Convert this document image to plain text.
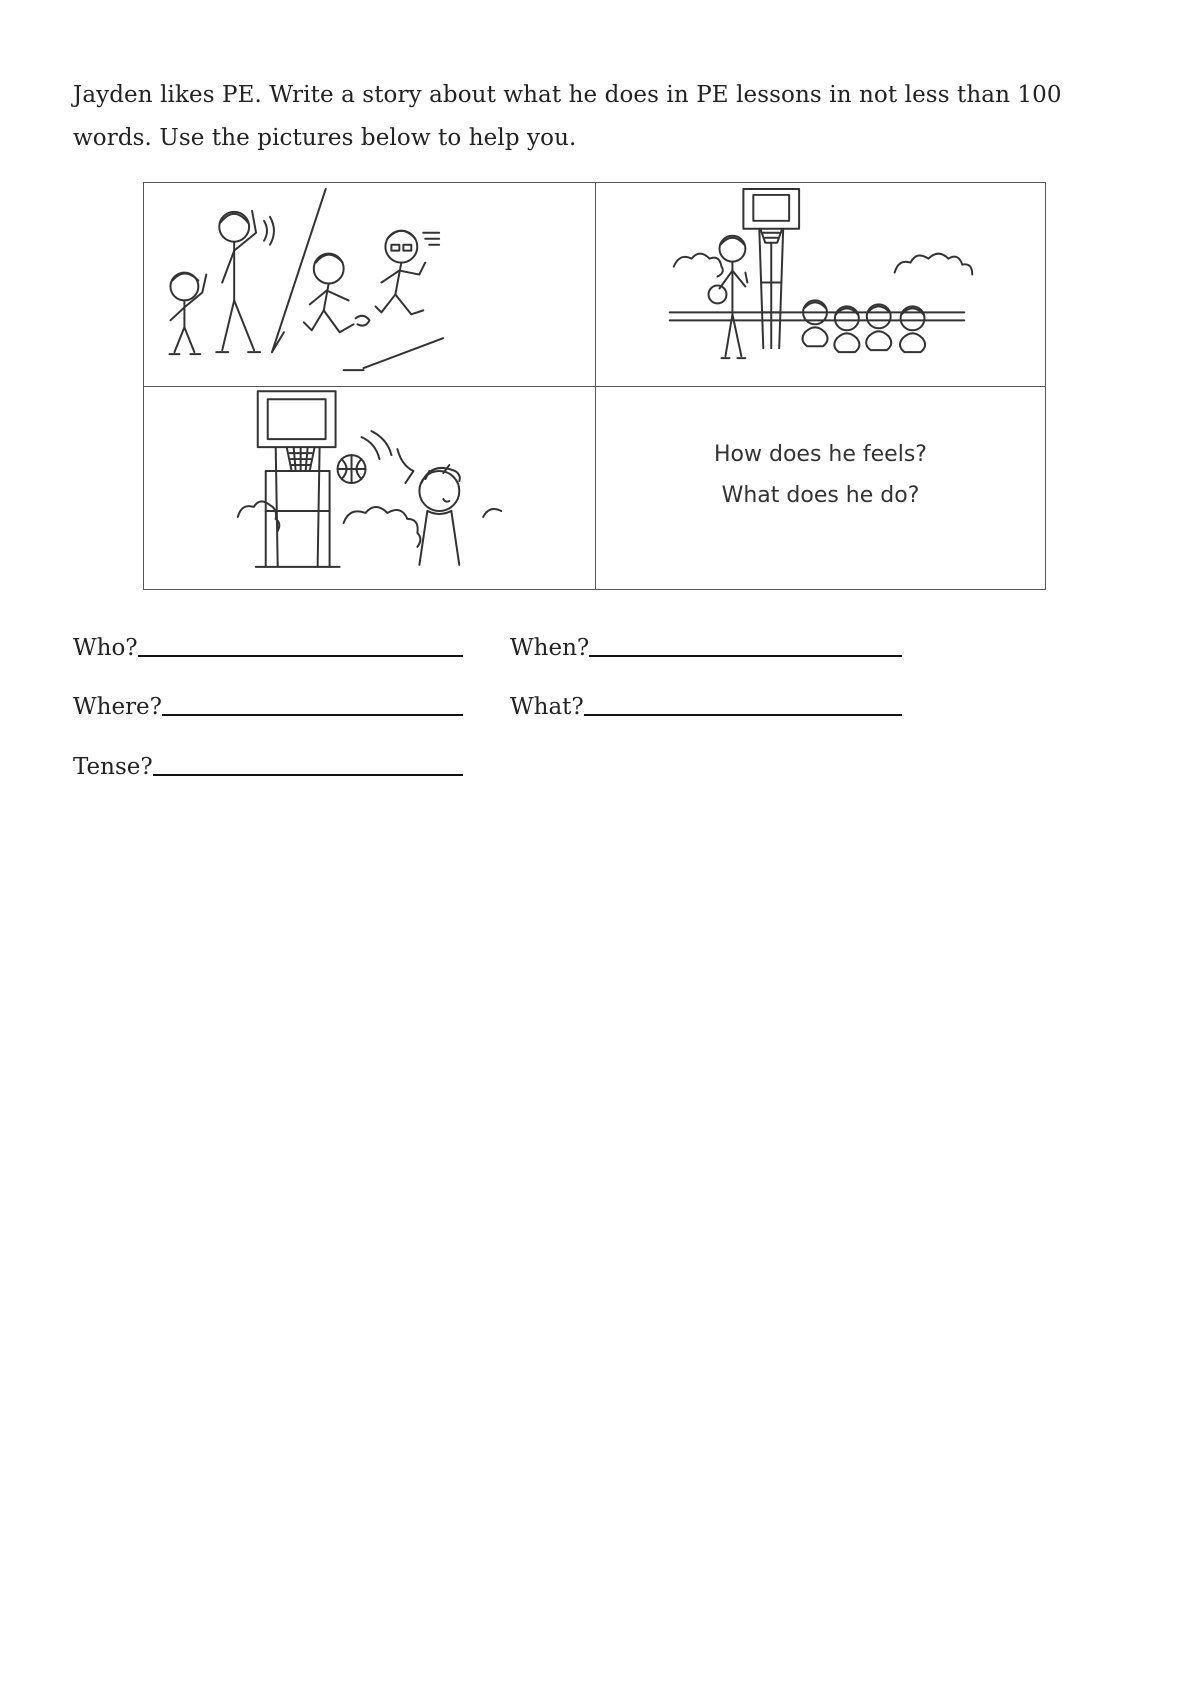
Jayden likes PE. Write a story about what he does in PE lessons in not less than 100 words. Use the pictures below to help you.

How does he feels?
What does he do?
Who?	When?
Where?	What?
Tense?
